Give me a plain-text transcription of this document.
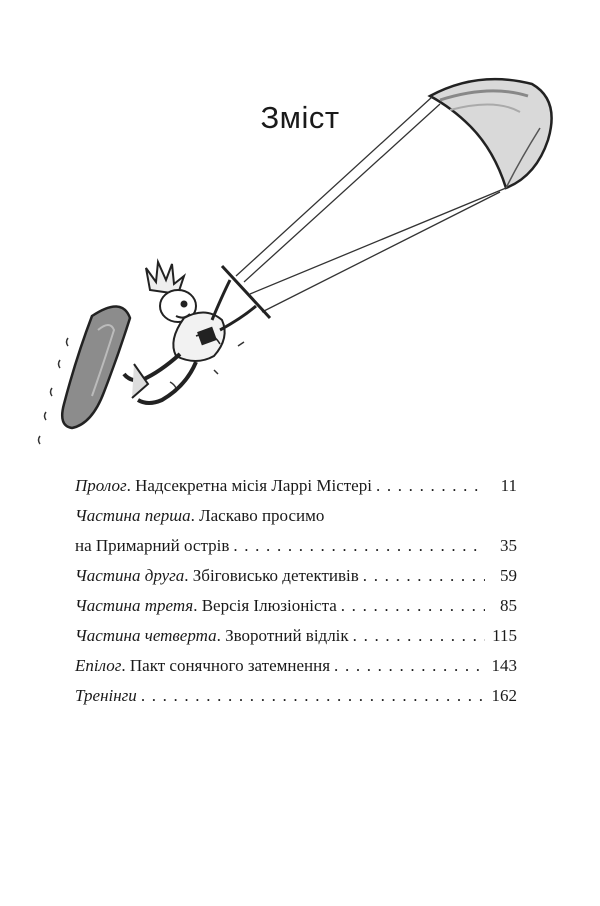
Зміст
Пролог. Надсекретна місія Ларрі Містері . . .	11
Частина перша. Ласкаво просимо
на Примарний острів . . .	35
Частина друга. Збіговисько детективів . . .	59
Частина третя. Версія Ілюзіоніста . . .	85
Частина четверта. Зворотний відлік . . .	115
Епілог. Пакт сонячного затемнення . . .	143
Тренінги . . .	162
